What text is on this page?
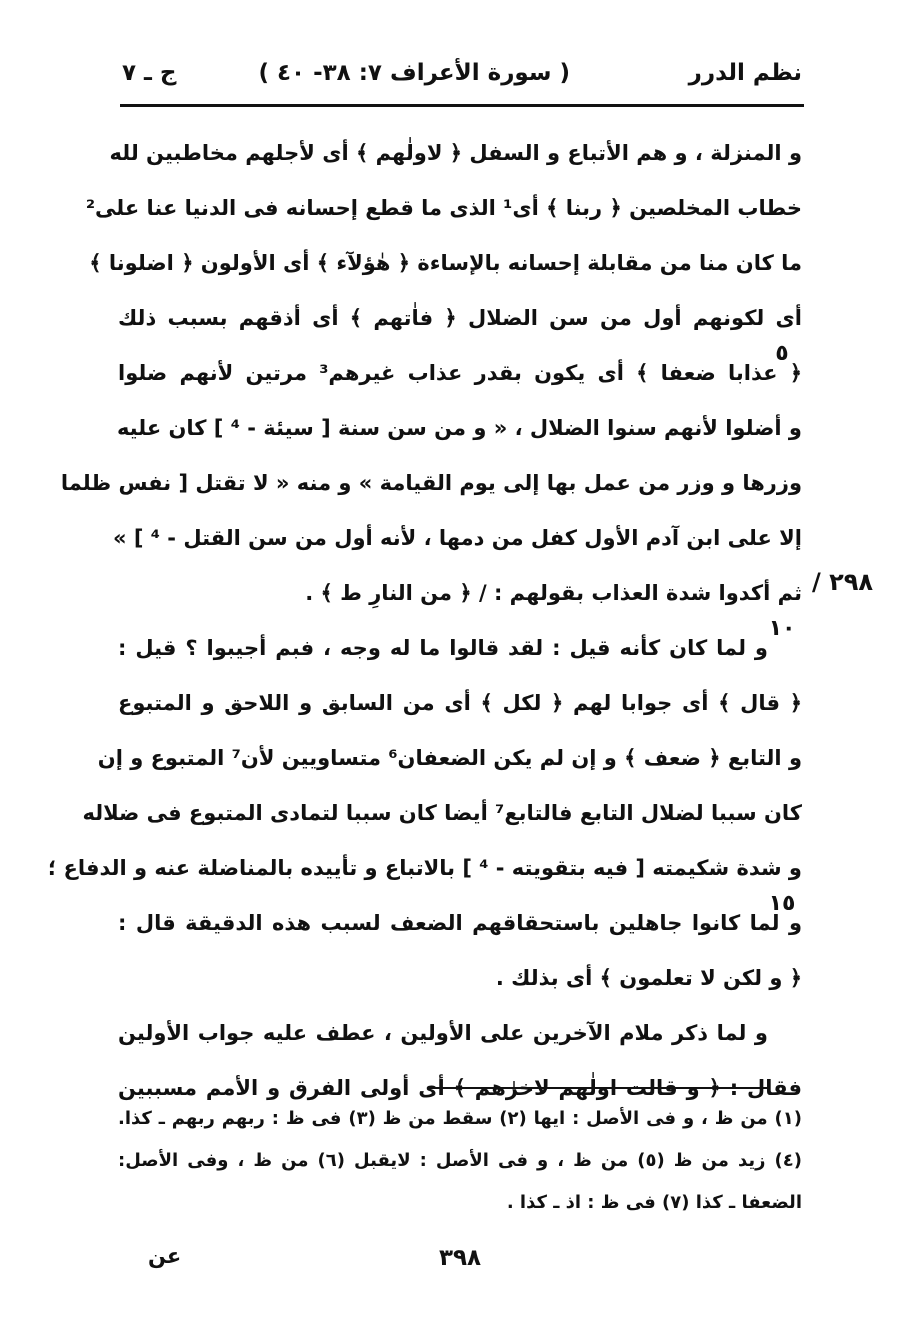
نظم الدرر
( سورة الأعراف ٧: ٣٨- ٤٠ )
ج ـ ٧
و المنزلة ، و هم الأتباع و السفل ﴿ لاولٰهم ﴾ أى لأجلهم مخاطبين لله
خطاب المخلصين ﴿ ربنا ﴾ أى¹ الذى ما قطع إحسانه فى الدنيا عنا على²
ما كان منا من مقابلة إحسانه بالإساءة ﴿ هٰؤلآء ﴾ أى الأولون ﴿ اضلونا ﴾
أى لكونهم أول من سن الضلال ﴿ فاٰتهم ﴾ أى أذقهم بسبب ذلك
﴿ عذابا ضعفا ﴾ أى يكون بقدر عذاب غيرهم³ مرتين لأنهم ضلوا
و أضلوا لأنهم سنوا الضلال ، « و من سن سنة [ سيئة - ⁴ ] كان عليه
وزرها و وزر من عمل بها إلى يوم القيامة » و منه « لا تقتل [ نفس ظلما
إلا على ابن آدم الأول كفل من دمها ، لأنه أول من سن القتل - ⁴ ] »
ثم أكدوا شدة العذاب بقولهم : / ﴿ من النارِ ط ﴾ .
و لما كان كأنه قيل : لقد قالوا ما له وجه ، فبم أجيبوا ؟ قيل :
﴿ قال ﴾ أى جوابا لهم ﴿ لكل ﴾ أى من السابق و اللاحق و المتبوع
و التابع ﴿ ضعف ﴾ و إن لم يكن الضعفان⁶ متساويين لأن⁷ المتبوع و إن
كان سببا لضلال التابع فالتابع⁷ أيضا كان سببا لتمادى المتبوع فى ضلاله
و شدة شكيمته [ فيه بتقويته - ⁴ ] بالاتباع و تأييده بالمناضلة عنه و الدفاع ؛
و لما كانوا جاهلين باستحقاقهم الضعف لسبب هذه الدقيقة قال :
﴿ و لكن لا تعلمون ﴾ أى بذلك .
و لما ذكر ملام الآخرين على الأولين ، عطف عليه جواب الأولين
فقال : ﴿ و قالت اولٰهم لاخرٰهم ﴾ أى أولى الفرق و الأمم مسببين
٥
١٠
١٥
٢٩٨ /
(١) من ظ ، و فى الأصل : ايها (٢) سقط من ظ (٣) فى ظ : ربهم ربهم ـ كذا.
(٤) زيد من ظ (٥) من ظ ، و فى الأصل : لايقبل (٦) من ظ ، وفى الأصل:
الضعفا ـ كذا (٧) فى ظ : اذ ـ كذا .
٣٩٨
عن
